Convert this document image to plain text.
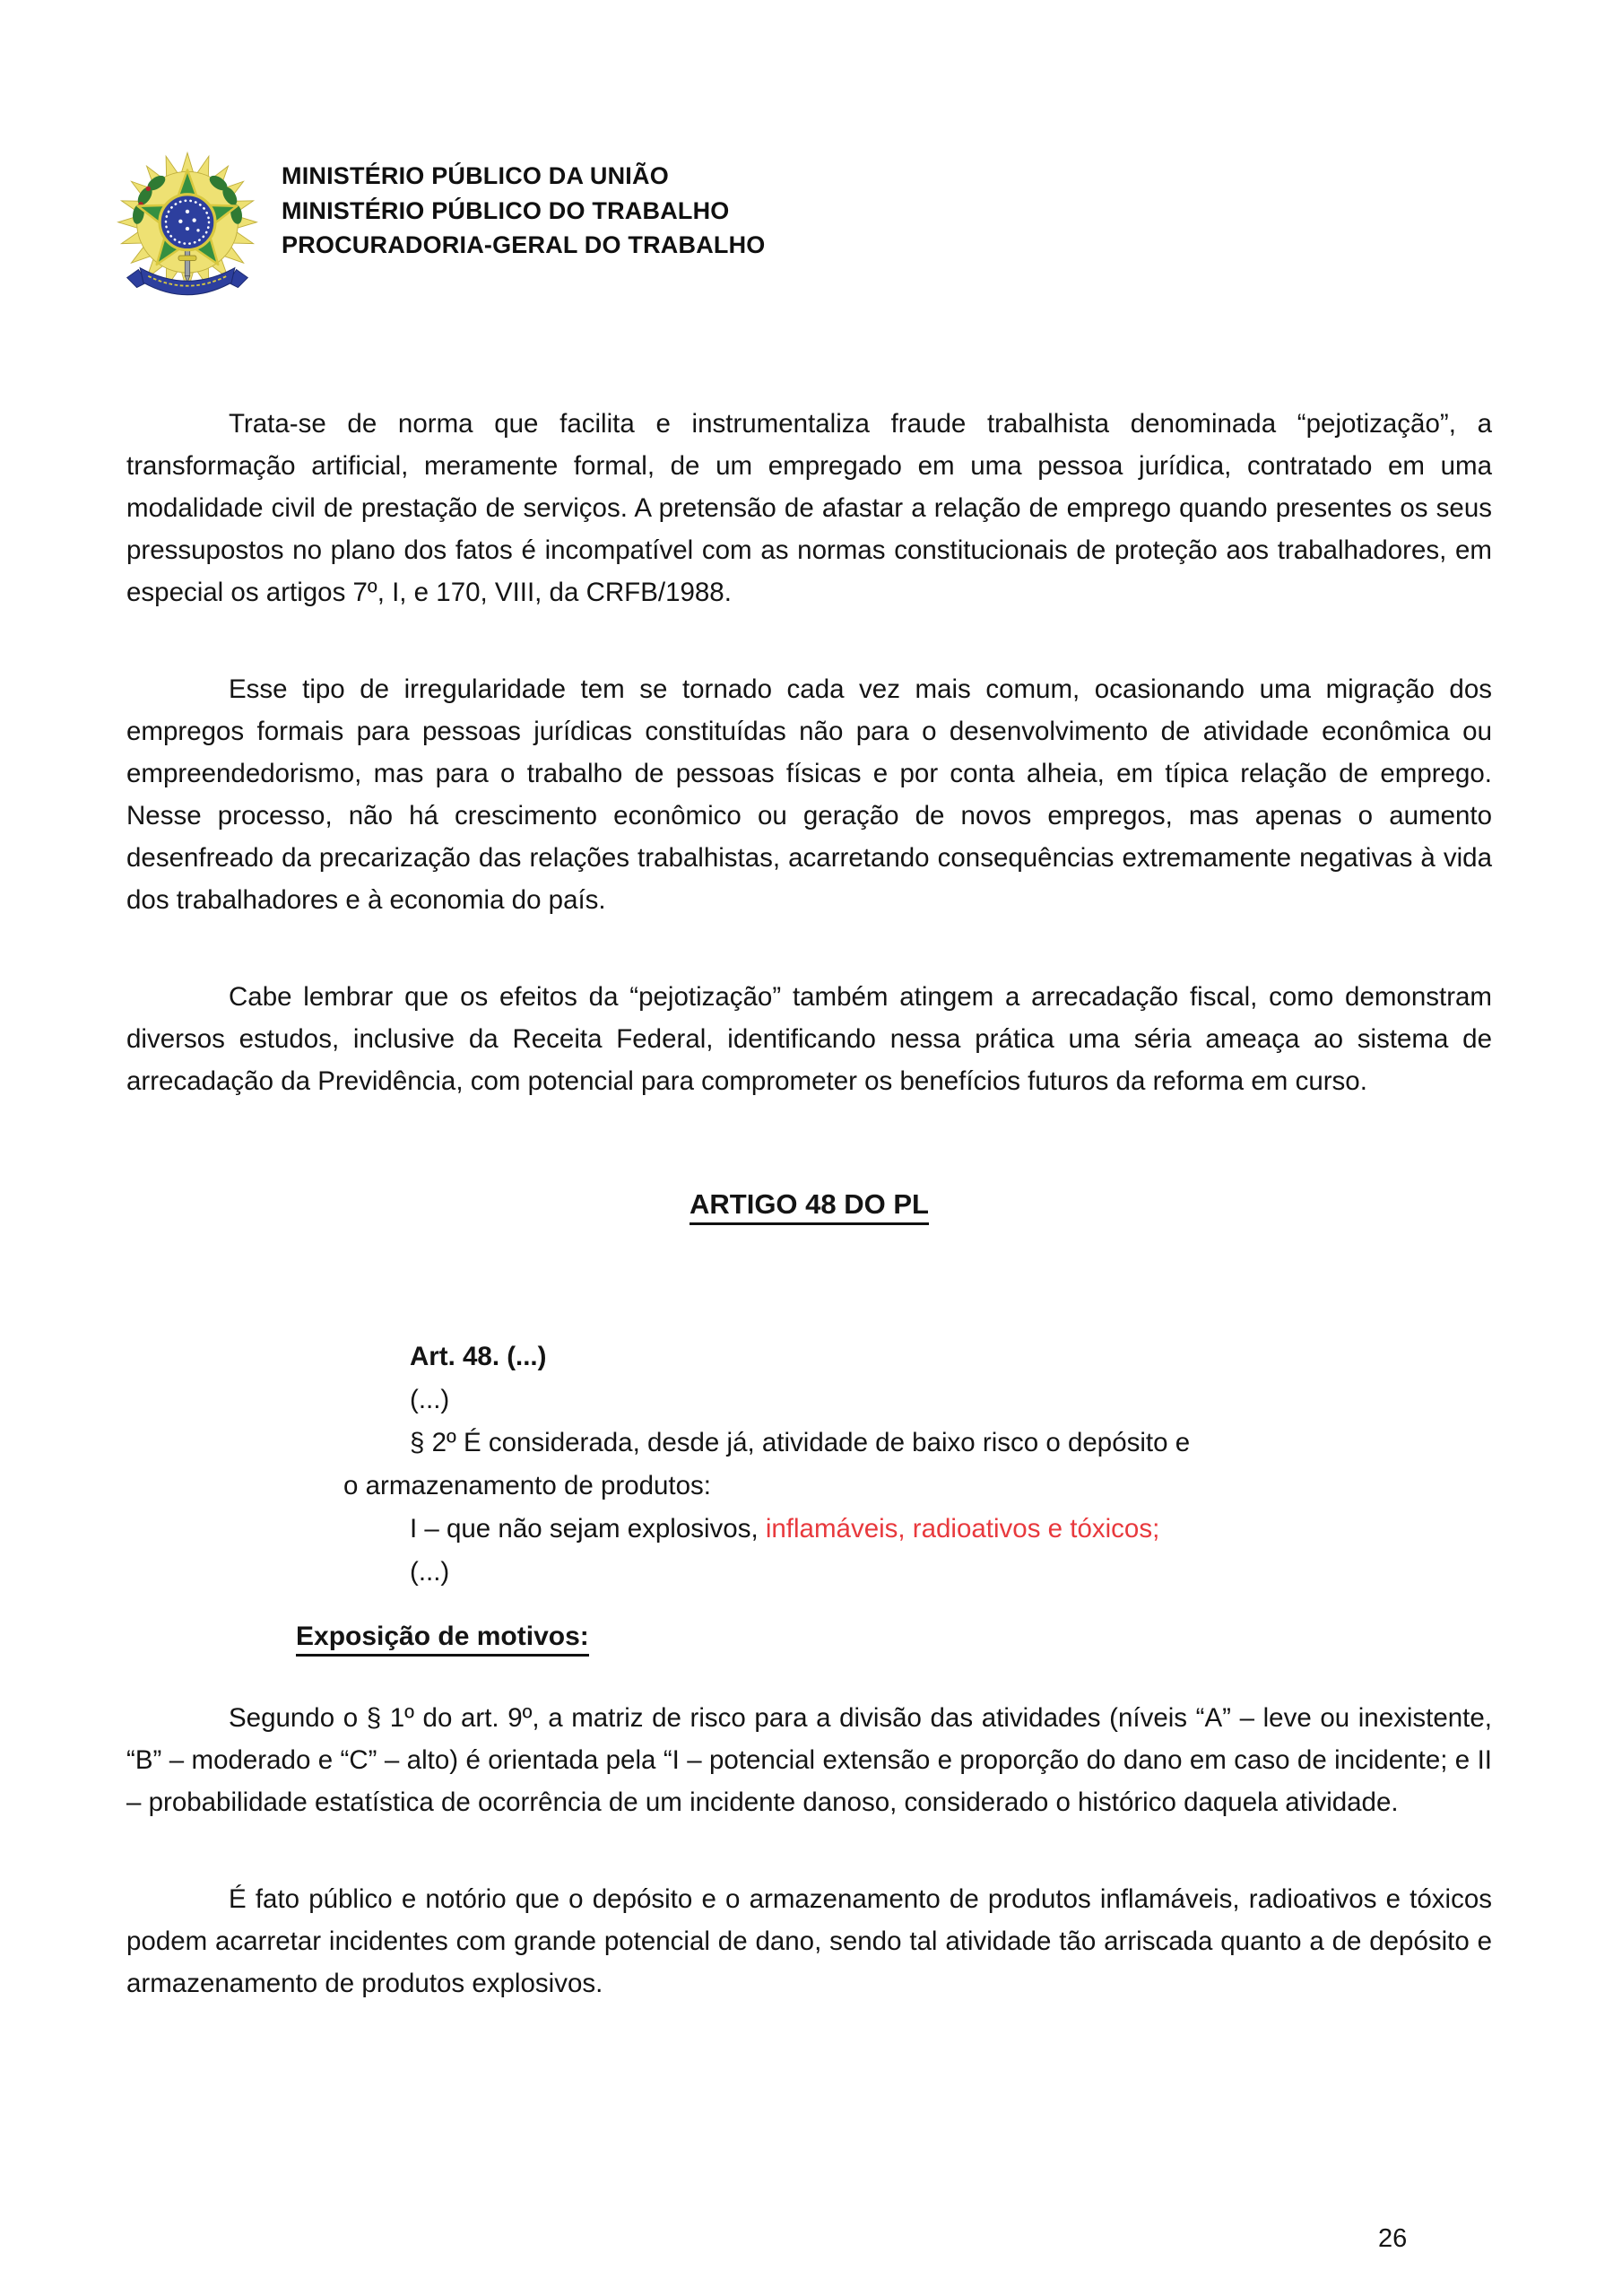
MINISTÉRIO PÚBLICO DA UNIÃO
MINISTÉRIO PÚBLICO DO TRABALHO
PROCURADORIA-GERAL DO TRABALHO

Trata-se de norma que facilita e instrumentaliza fraude trabalhista denominada “pejotização”, a transformação artificial, meramente formal, de um empregado em uma pessoa jurídica, contratado em uma modalidade civil de prestação de serviços. A pretensão de afastar a relação de emprego quando presentes os seus pressupostos no plano dos fatos é incompatível com as normas constitucionais de proteção aos trabalhadores, em especial os artigos 7º, I, e 170, VIII, da CRFB/1988.

Esse tipo de irregularidade tem se tornado cada vez mais comum, ocasionando uma migração dos empregos formais para pessoas jurídicas constituídas não para o desenvolvimento de atividade econômica ou empreendedorismo, mas para o trabalho de pessoas físicas e por conta alheia, em típica relação de emprego. Nesse processo, não há crescimento econômico ou geração de novos empregos, mas apenas o aumento desenfreado da precarização das relações trabalhistas, acarretando consequências extremamente negativas à vida dos trabalhadores e à economia do país.

Cabe lembrar que os efeitos da “pejotização” também atingem a arrecadação fiscal, como demonstram diversos estudos, inclusive da Receita Federal, identificando nessa prática uma séria ameaça ao sistema de arrecadação da Previdência, com potencial para comprometer os benefícios futuros da reforma em curso.

ARTIGO 48 DO PL

Art. 48. (...)

(...)

§ 2º É considerada, desde já, atividade de baixo risco o depósito e

o armazenamento de produtos:

I – que não sejam explosivos, inflamáveis, radioativos e tóxicos;

(...)

Exposição de motivos:

Segundo o § 1º do art. 9º, a matriz de risco para a divisão das atividades (níveis “A” – leve ou inexistente, “B” – moderado e “C” – alto) é orientada pela “I – potencial extensão e proporção do dano em caso de incidente; e II – probabilidade estatística de ocorrência de um incidente danoso, considerado o histórico daquela atividade.

É fato público e notório que o depósito e o armazenamento de produtos inflamáveis, radioativos e tóxicos podem acarretar incidentes com grande potencial de dano, sendo tal atividade tão arriscada quanto a de depósito e armazenamento de produtos explosivos.

26
